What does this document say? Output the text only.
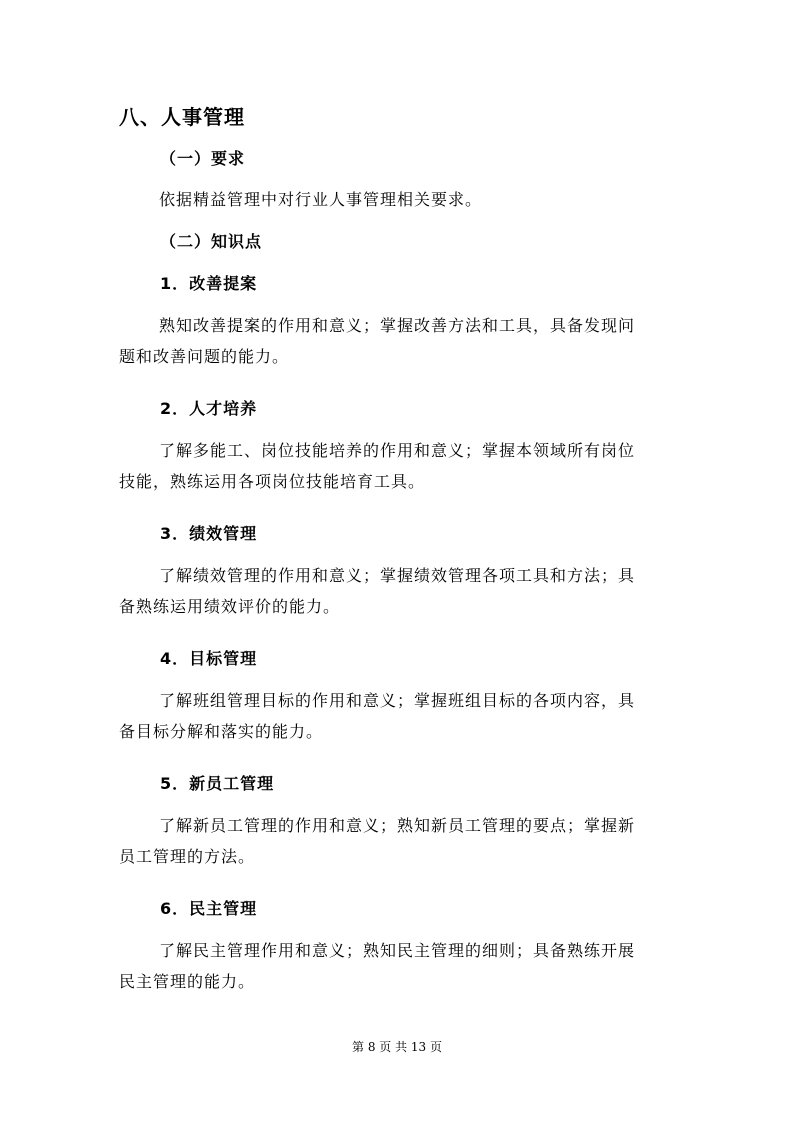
八、人事管理
（一）要求
依据精益管理中对行业人事管理相关要求。
（二）知识点
1．改善提案
熟知改善提案的作用和意义；掌握改善方法和工具，具备发现问
题和改善问题的能力。
2．人才培养
了解多能工、岗位技能培养的作用和意义；掌握本领域所有岗位
技能，熟练运用各项岗位技能培育工具。
3．绩效管理
了解绩效管理的作用和意义；掌握绩效管理各项工具和方法；具
备熟练运用绩效评价的能力。
4．目标管理
了解班组管理目标的作用和意义；掌握班组目标的各项内容，具
备目标分解和落实的能力。
5．新员工管理
了解新员工管理的作用和意义；熟知新员工管理的要点；掌握新
员工管理的方法。
6．民主管理
了解民主管理作用和意义；熟知民主管理的细则；具备熟练开展
民主管理的能力。
第 8 页 共 13 页
